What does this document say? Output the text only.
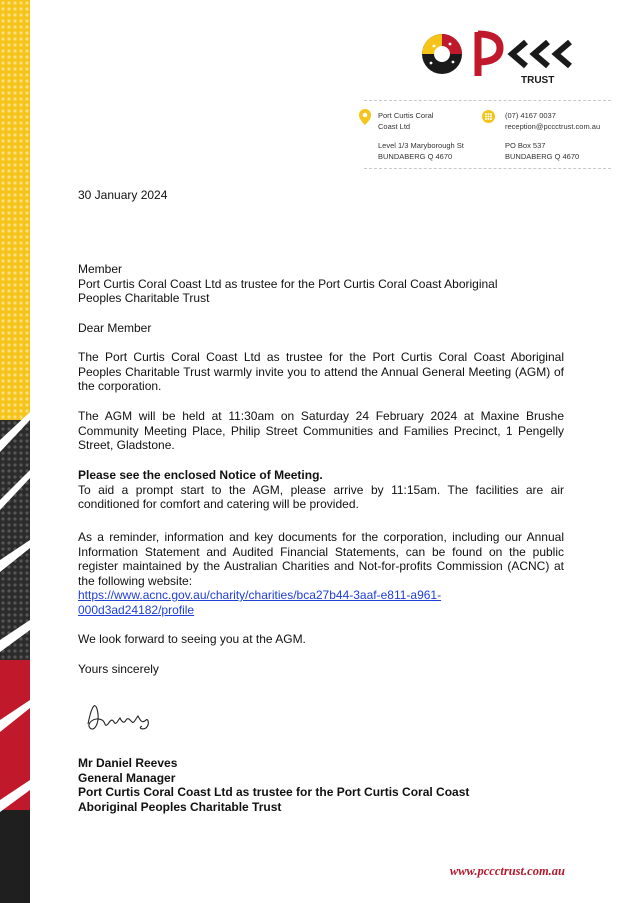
TRUST
Port Curtis Coral
Coast Ltd
Level 1/3 Maryborough St
BUNDABERG Q 4670
(07) 4167 0037
reception@pccctrust.com.au
PO Box 537
BUNDABERG Q 4670

30 January 2024

Member
Port Curtis Coral Coast Ltd as trustee for the Port Curtis Coral Coast Aboriginal
Peoples Charitable Trust

Dear Member

The Port Curtis Coral Coast Ltd as trustee for the Port Curtis Coral Coast Aboriginal Peoples Charitable Trust warmly invite you to attend the Annual General Meeting (AGM) of the corporation.

The AGM will be held at 11:30am on Saturday 24 February 2024 at Maxine Brushe Community Meeting Place, Philip Street Communities and Families Precinct, 1 Pengelly Street, Gladstone.

Please see the enclosed Notice of Meeting.
To aid a prompt start to the AGM, please arrive by 11:15am. The facilities are air conditioned for comfort and catering will be provided.
As a reminder, information and key documents for the corporation, including our Annual Information Statement and Audited Financial Statements, can be found on the public register maintained by the Australian Charities and Not-for-profits Commission (ACNC) at the following website:
https://www.acnc.gov.au/charity/charities/bca27b44-3aaf-e811-a961-
000d3ad24182/profile

We look forward to seeing you at the AGM.

Yours sincerely

Mr Daniel Reeves
General Manager
Port Curtis Coral Coast Ltd as trustee for the Port Curtis Coral Coast
Aboriginal Peoples Charitable Trust
www.pccctrust.com.au
